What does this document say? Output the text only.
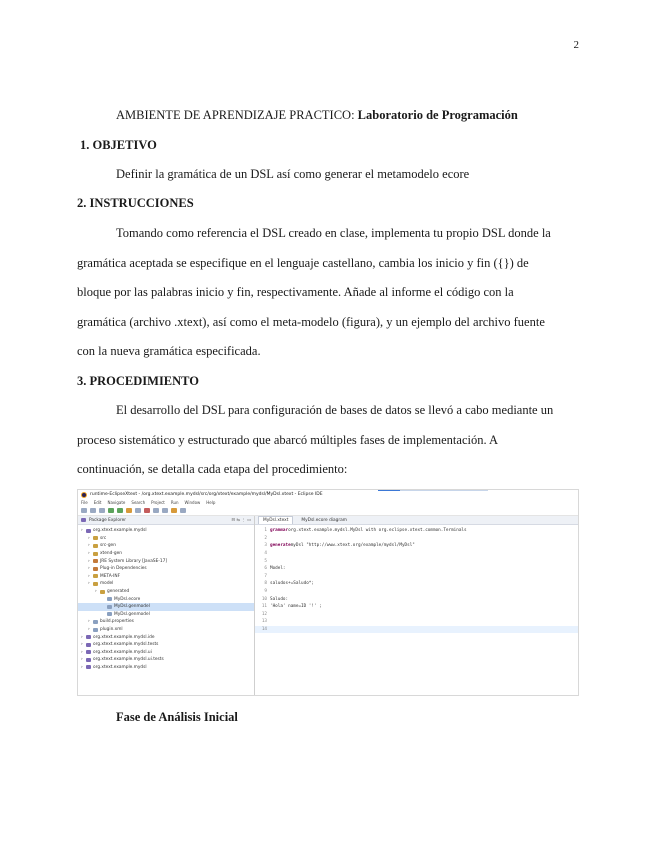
2
AMBIENTE DE APRENDIZAJE PRACTICO: Laboratorio de Programación
1. OBJETIVO
Definir la gramática de un DSL así como generar el metamodelo ecore
2. INSTRUCCIONES
Tomando como referencia el DSL creado en clase, implementa tu propio DSL donde la
gramática aceptada se especifique en el lenguaje castellano, cambia los inicio y fin ({}) de
bloque por las palabras inicio y fin, respectivamente. Añade al informe el código con la
gramática (archivo .xtext), así como el meta-modelo (figura), y un ejemplo del archivo fuente
con la nueva gramática especificada.
3. PROCEDIMIENTO
El desarrollo del DSL para configuración de bases de datos se llevó a cabo mediante un
proceso sistemático y estructurado que abarcó múltiples fases de implementación. A
continuación, se detalla cada etapa del procedimiento:
runtime-EclipseXtext - /org.xtext.example.mydsl/src/org/xtext/example/mydsl/MyDsl.xtext - Eclipse IDE
File Edit Navigate Search Project Run Window Help
Package Explorer	⊟ ⇆ ⋮ ▭
› org.xtext.example.mydsl
› src
› src-gen
› xtend-gen
› JRE System Library [JavaSE-17]
› Plug-in Dependencies
› META-INF
› model
› generated
MyDsl.ecore
MyDsl.genmodel
MyDsl.genmodel
› build.properties
› plugin.xml
› org.xtext.example.mydsl.ide
› org.xtext.example.mydsl.tests
› org.xtext.example.mydsl.ui
› org.xtext.example.mydsl.ui.tests
› org.xtext.example.mydsl
MyDsl.xtext	MyDsl.ecore diagram
1 grammar org.xtext.example.mydsl.MyDsl with org.eclipse.xtext.common.Terminals
2
3 generate myDsl "http://www.xtext.org/example/mydsl/MyDsl"
4
5
6 Model:
7
8 saludos+=Saludo*;
9
10 Saludo:
11 'Hola' name=ID '!' ;
12
13
14
Fase de Análisis Inicial
